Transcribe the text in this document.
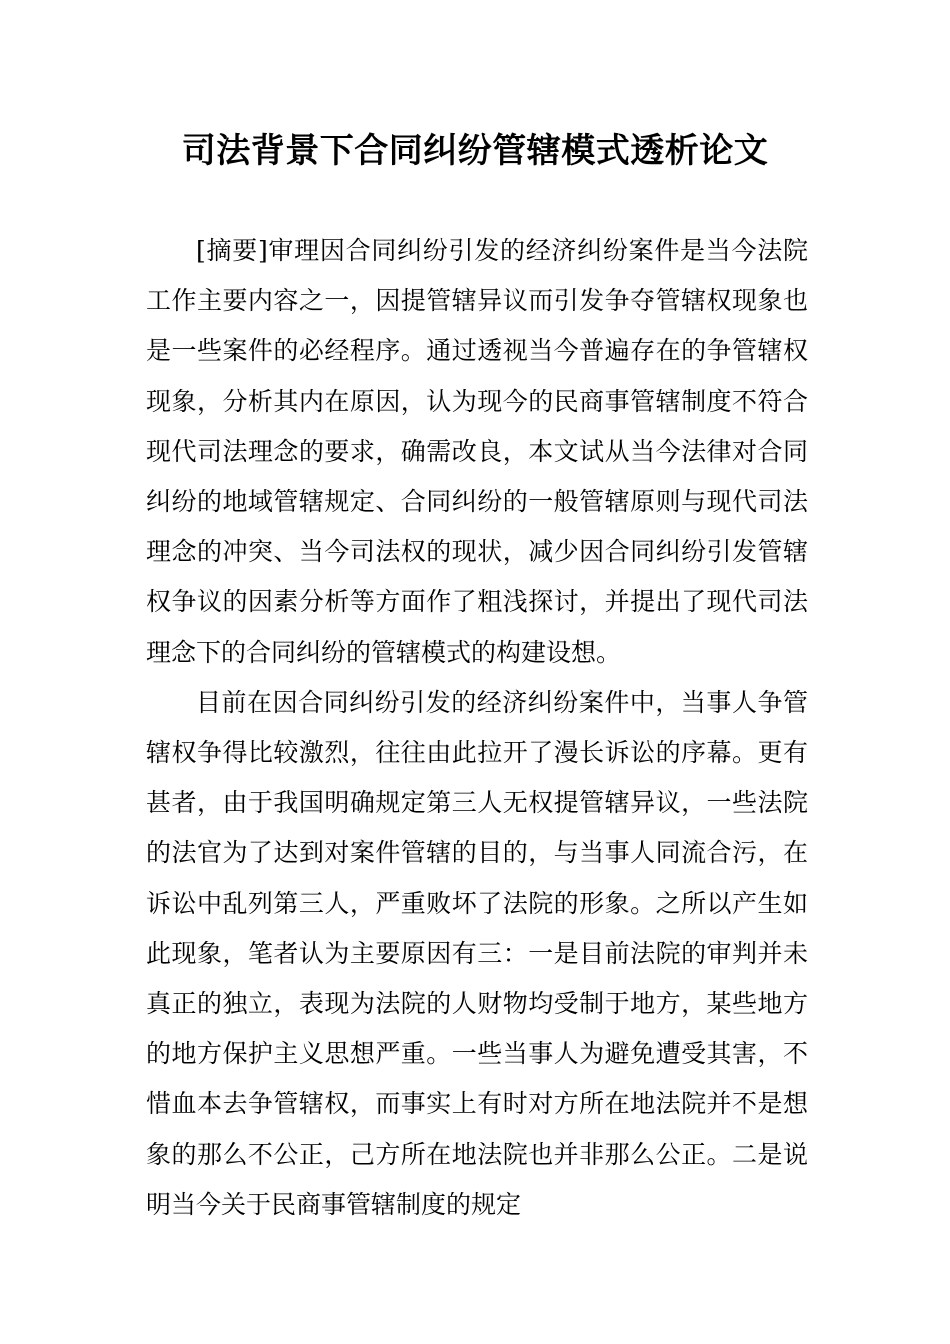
司法背景下合同纠纷管辖模式透析论文

[摘要]审理因合同纠纷引发的经济纠纷案件是当今法院工作主要内容之一，因提管辖异议而引发争夺管辖权现象也是一些案件的必经程序。通过透视当今普遍存在的争管辖权现象，分析其内在原因，认为现今的民商事管辖制度不符合现代司法理念的要求，确需改良，本文试从当今法律对合同纠纷的地域管辖规定、合同纠纷的一般管辖原则与现代司法理念的冲突、当今司法权的现状，减少因合同纠纷引发管辖权争议的因素分析等方面作了粗浅探讨，并提出了现代司法理念下的合同纠纷的管辖模式的构建设想。

目前在因合同纠纷引发的经济纠纷案件中，当事人争管辖权争得比较激烈，往往由此拉开了漫长诉讼的序幕。更有甚者，由于我国明确规定第三人无权提管辖异议，一些法院的法官为了达到对案件管辖的目的，与当事人同流合污，在诉讼中乱列第三人，严重败坏了法院的形象。之所以产生如此现象，笔者认为主要原因有三：一是目前法院的审判并未真正的独立，表现为法院的人财物均受制于地方，某些地方的地方保护主义思想严重。一些当事人为避免遭受其害，不惜血本去争管辖权，而事实上有时对方所在地法院并不是想象的那么不公正，己方所在地法院也并非那么公正。二是说明当今关于民商事管辖制度的规定
